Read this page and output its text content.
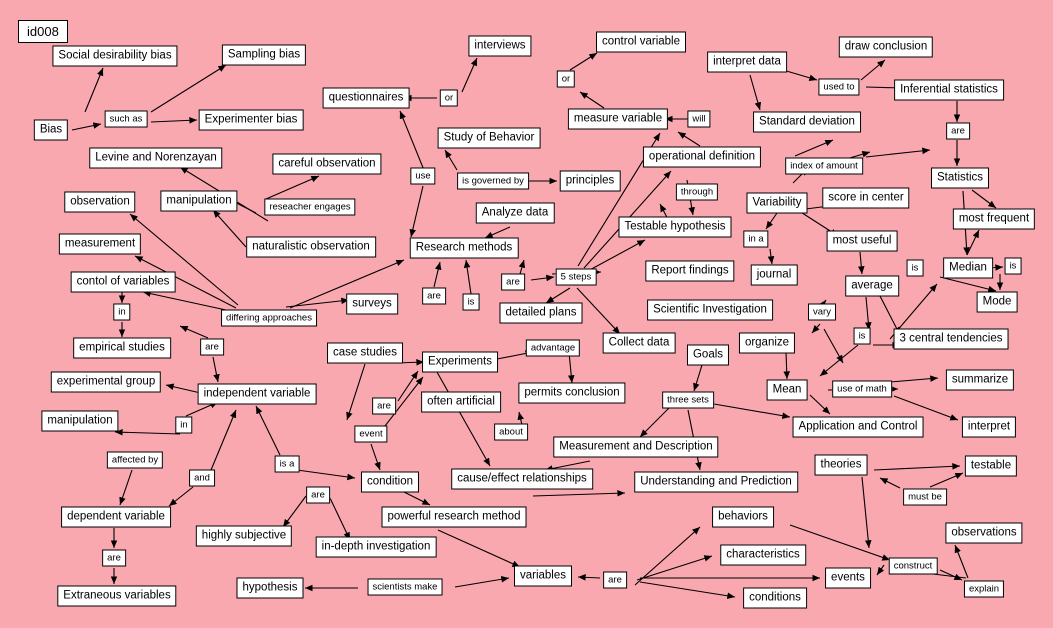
id008
Social desirability bias	Sampling bias
Experimenter bias
Bias
Levine and Norenzayan	careful observation
observation	manipulation
measurement	naturalistic observation
contol of variables
surveys
empirical studies
experimental group
manipulation
independent variable
case studies
dependent variable
Extraneous variables
highly subjective
in-depth investigation
hypothesis
condition
powerful research method
questionnaires
interviews
Study of Behavior
principles
Analyze data
Research methods
detailed plans
Experiments
often artificial
permits conclusion
cause/effect relationships
Measurement and Description
Understanding and Prediction
Application and Control
Collect data
Goals
Scientific Investigation
Report findings
Testable hypothesis
operational definition
measure variable
control variable
interpret data
draw conclusion
Inferential statistics
Standard deviation
Statistics
Variability	score in center
most frequent
most useful
journal
Median
Mode
average
3 central tendencies
organize
Mean
summarize
interpret
theories	testable
observations
behaviors
characteristics
events
conditions
variables
such as
reseacher engages
differing approaches
in
are
in
affected by
and
are
is a
are
event
are
scientists make
are
construct
explain
must be
about
advantage
three sets
use of math
is
vary
is	is
index of amount
in a
are
used to
or
will
through
is governed by
or
use
are
is
are	5 steps
